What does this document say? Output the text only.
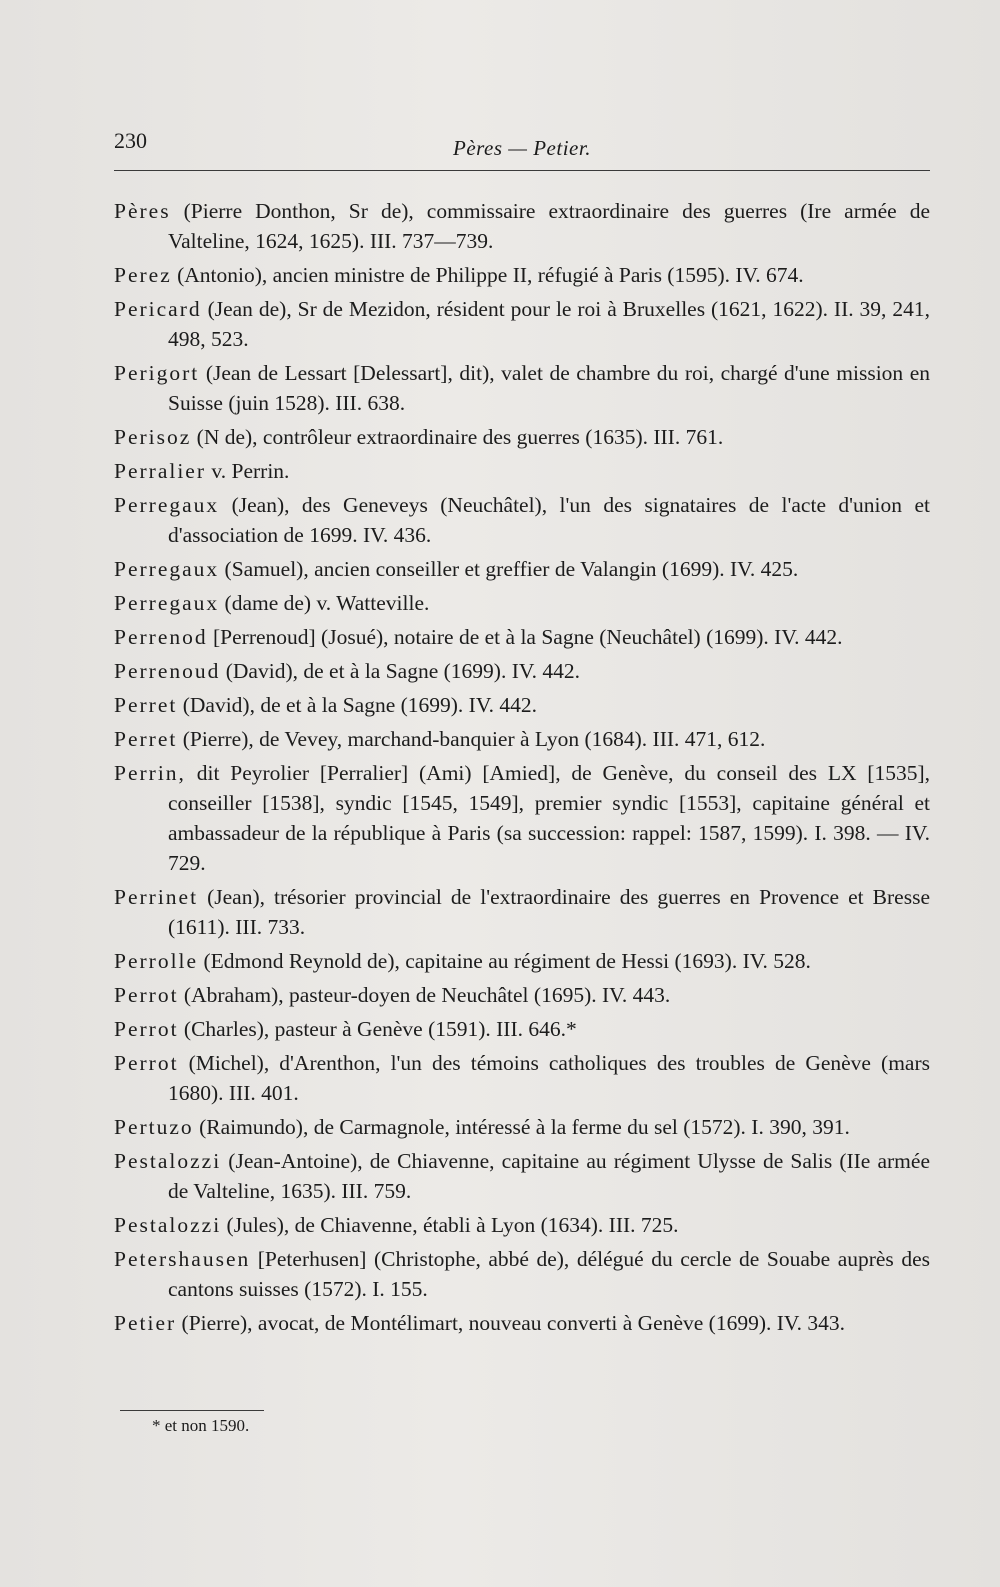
230	Pères — Petier.

Pères (Pierre Donthon, Sr de), commissaire extraordinaire des guerres (Ire armée de Valteline, 1624, 1625). III. 737—739.

Perez (Antonio), ancien ministre de Philippe II, réfugié à Paris (1595). IV. 674.

Pericard (Jean de), Sr de Mezidon, résident pour le roi à Bruxelles (1621, 1622). II. 39, 241, 498, 523.

Perigort (Jean de Lessart [Delessart], dit), valet de chambre du roi, chargé d'une mission en Suisse (juin 1528). III. 638.

Perisoz (N de), contrôleur extraordinaire des guerres (1635). III. 761.

Perralier v. Perrin.

Perregaux (Jean), des Geneveys (Neuchâtel), l'un des signataires de l'acte d'union et d'association de 1699. IV. 436.

Perregaux (Samuel), ancien conseiller et greffier de Valangin (1699). IV. 425.

Perregaux (dame de) v. Watteville.

Perrenod [Perrenoud] (Josué), notaire de et à la Sagne (Neuchâtel) (1699). IV. 442.

Perrenoud (David), de et à la Sagne (1699). IV. 442.

Perret (David), de et à la Sagne (1699). IV. 442.

Perret (Pierre), de Vevey, marchand-banquier à Lyon (1684). III. 471, 612.

Perrin, dit Peyrolier [Perralier] (Ami) [Amied], de Genève, du conseil des LX [1535], conseiller [1538], syndic [1545, 1549], premier syndic [1553], capitaine général et ambassadeur de la république à Paris (sa succession: rappel: 1587, 1599). I. 398. — IV. 729.

Perrinet (Jean), trésorier provincial de l'extraordinaire des guerres en Provence et Bresse (1611). III. 733.

Perrolle (Edmond Reynold de), capitaine au régiment de Hessi (1693). IV. 528.

Perrot (Abraham), pasteur-doyen de Neuchâtel (1695). IV. 443.

Perrot (Charles), pasteur à Genève (1591). III. 646.*

Perrot (Michel), d'Arenthon, l'un des témoins catholiques des troubles de Genève (mars 1680). III. 401.

Pertuzo (Raimundo), de Carmagnole, intéressé à la ferme du sel (1572). I. 390, 391.

Pestalozzi (Jean-Antoine), de Chiavenne, capitaine au régiment Ulysse de Salis (IIe armée de Valteline, 1635). III. 759.

Pestalozzi (Jules), de Chiavenne, établi à Lyon (1634). III. 725.

Petershausen [Peterhusen] (Christophe, abbé de), délégué du cercle de Souabe auprès des cantons suisses (1572). I. 155.

Petier (Pierre), avocat, de Montélimart, nouveau converti à Genève (1699). IV. 343.

* et non 1590.
